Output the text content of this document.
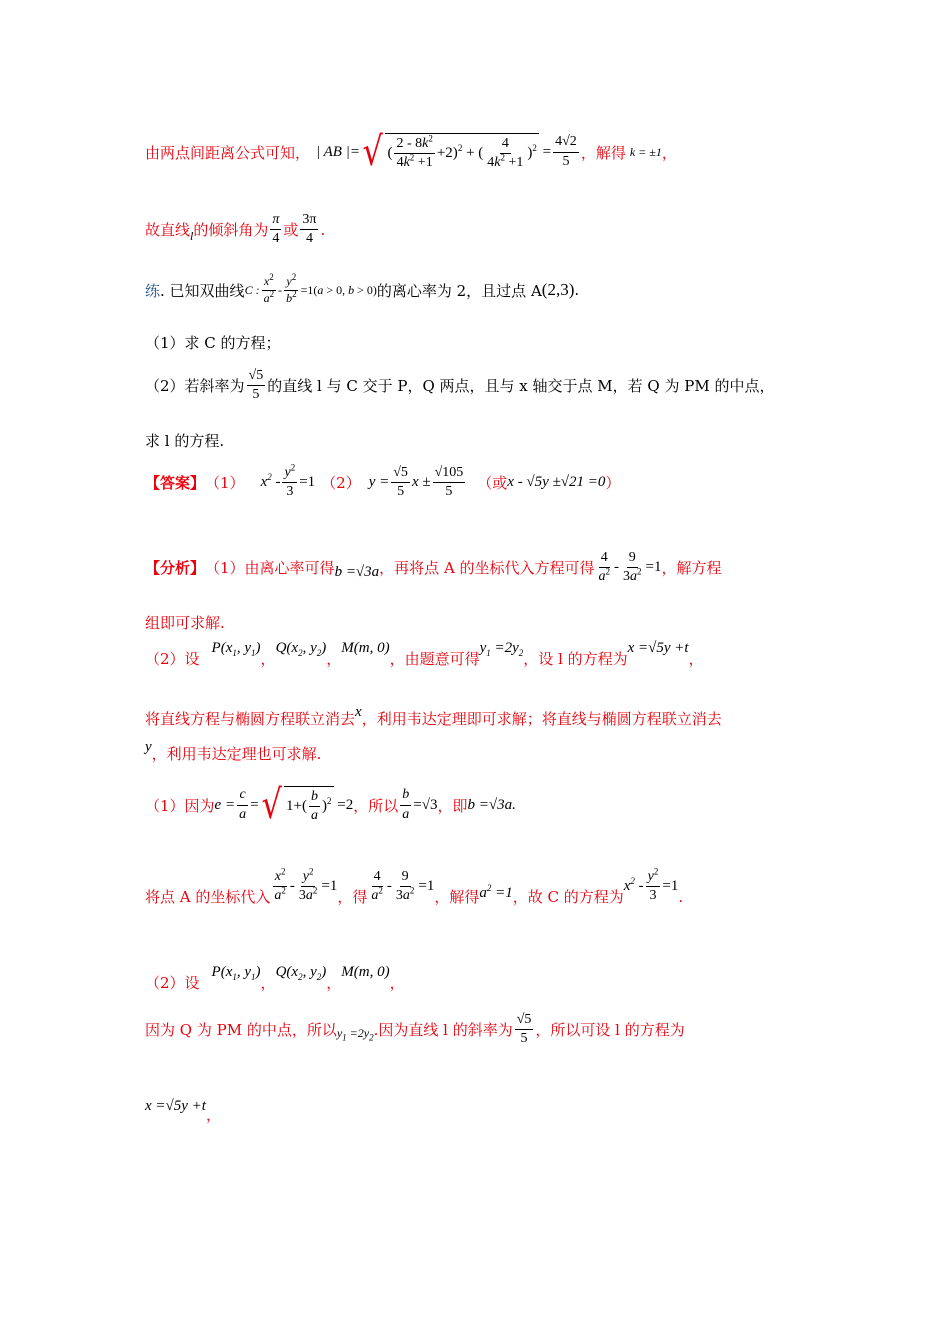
由两点间距离公式可知， | AB |= √ ( $\frac{2 - 8k^2}{4k^2 +1} +2)^2$ + ( $\frac{4}{4k^2 +1} )^2 = \frac{4√2}{5}$ ，解得 k = ±1 ，
故直线 l 的倾斜角为 $\frac{\pi}{4}$ 或 $\frac{3\pi}{4}$ .
练 . 已知双曲线 C : $\frac{x^2}{a^2} - \frac{y^2}{b^2} =1(a > 0$, b > 0) 的离心率为 2，且过点 A (2,3) .
（1）求 C 的方程；
（2）若斜率为 $\frac{√5}{5}$ 的直线 l 与 C 交于 P，Q 两点，且与 x 轴交于点 M，若 Q 为 PM 的中点，
求 l 的方程.
【答案】 （1） $x^2 - \frac{y^2}{3} =1$ （2） $y = \frac{√5}{5}$ $x \pm \frac{√105}{5}$ （或 x - √5y ±√21 =0 ）
【分析】 （1）由离心率可得 b =√3a ，再将点 A 的坐标代入方程可得 $\frac{4}{a^2} - \frac{9}{3a^2} =1$ ，解方程
组即可求解.
（2）设
$P(x_1$, $y_1$)
，
$Q(x_2$, $y_2$)
，
M(m, 0)
，由题意可得
$y_1 =2y_2$ ，设 l 的方程为
x =√5y +t
，
将直线方程与椭圆方程联立消去 x ，利用韦达定理即可求解；将直线与椭圆方程联立消去
y ，利用韦达定理也可求解.
（1）因为 $e = \frac{c}{a}$ = √ $1+( \frac{b}{a} )^2 =2$ ，所以 $\frac{b}{a} =√3$ ，即 b =√3a.
将点 A 的坐标代入 $\frac{x^2}{a^2} - \frac{y^2}{3a^2} =1$
，得 $\frac{4}{a^2} - \frac{9}{3a^2} =1$
，解得 $a^2 =1$ ，故 C 的方程为
$x^2 - \frac{y^2}{3} =1$
.
（2）设
$P(x_1$, $y_1$)
，
$Q(x_2$, $y_2$)
，
M(m, 0)
，
因为 Q 为 PM 的中点，所以 $y_1 =2y_2$ .因为直线 l 的斜率为 $\frac{√5}{5}$ ，所以可设 l 的方程为
x =√5y +t ，
